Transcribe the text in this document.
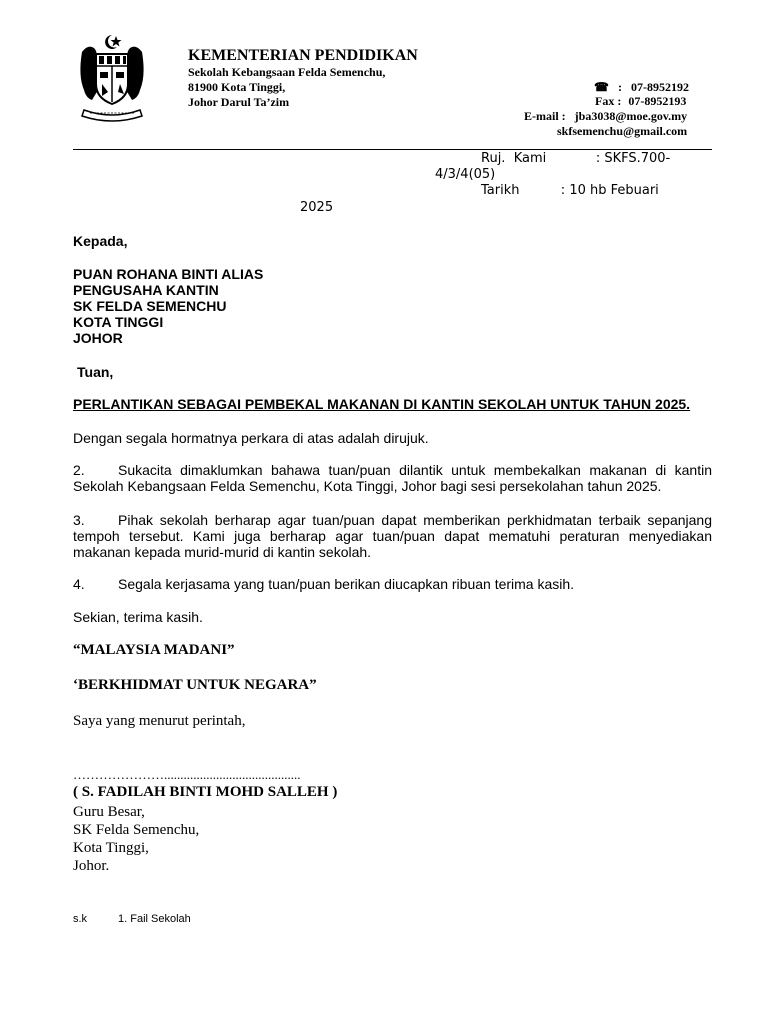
KEMENTERIAN PENDIDIKAN
Sekolah Kebangsaan Felda Semenchu,
81900 Kota Tinggi,
Johor Darul Ta’zim
☎ : 07-8952192
Fax : 07-8952193
E-mail : jba3038@moe.gov.my
skfsemenchu@gmail.com
Ruj.  Kami            : SKFS.700-
4/3/4(05)
Tarikh          : 10 hb Febuari
2025
Kepada,
PUAN ROHANA BINTI ALIAS
PENGUSAHA KANTIN
SK FELDA SEMENCHU
KOTA TINGGI
JOHOR
Tuan,
PERLANTIKAN SEBAGAI PEMBEKAL MAKANAN DI KANTIN SEKOLAH UNTUK TAHUN 2025.
Dengan segala hormatnya perkara di atas adalah dirujuk.
2. Sukacita dimaklumkan bahawa tuan/puan dilantik untuk membekalkan makanan di kantin Sekolah Kebangsaan Felda Semenchu, Kota Tinggi, Johor bagi sesi persekolahan tahun 2025.
3. Pihak sekolah berharap agar tuan/puan dapat memberikan perkhidmatan terbaik sepanjang tempoh tersebut. Kami juga berharap agar tuan/puan dapat mematuhi peraturan menyediakan makanan kepada murid-murid di kantin sekolah.
4. Segala kerjasama yang tuan/puan berikan diucapkan ribuan terima kasih.
Sekian, terima kasih.
“MALAYSIA MADANI”
‘BERKHIDMAT UNTUK NEGARA”
Saya yang menurut perintah,
…………………..........................................
( S. FADILAH BINTI MOHD SALLEH )
Guru Besar,
SK Felda Semenchu,
Kota Tinggi,
Johor.
s.k	1. Fail Sekolah
